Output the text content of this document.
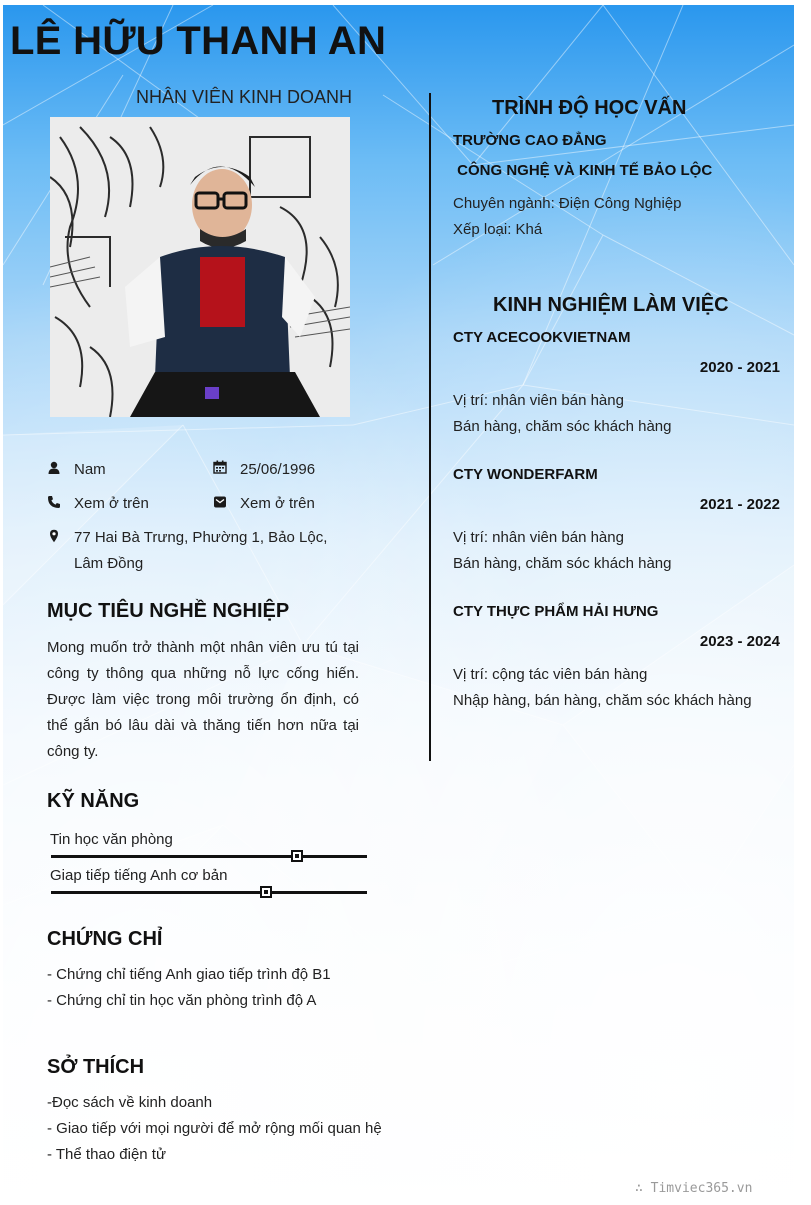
LÊ HỮU THANH AN
NHÂN VIÊN KINH DOANH
Nam	25/06/1996
Xem ở trên	Xem ở trên
77 Hai Bà Trưng, Phường 1, Bảo Lộc,
Lâm Đồng
MỤC TIÊU NGHỀ NGHIỆP
Mong muốn trở thành một nhân viên ưu tú tại công ty thông qua những nỗ lực cống hiến. Được làm việc trong môi trường ổn định, có thể gắn bó lâu dài và thăng tiến hơn nữa tại công ty.
KỸ NĂNG
Tin học văn phòng
Giap tiếp tiếng Anh cơ bản
CHỨNG CHỈ
- Chứng chỉ tiếng Anh giao tiếp trình độ B1
- Chứng chỉ tin học văn phòng trình độ A
SỞ THÍCH
-Đọc sách về kinh doanh
- Giao tiếp với mọi người để mở rộng mối quan hệ
- Thể thao điện tử
TRÌNH ĐỘ HỌC VẤN
TRƯỜNG CAO ĐẲNG
CÔNG NGHỆ VÀ KINH TẾ BẢO LỘC
Chuyên ngành: Điện Công Nghiệp
Xếp loại: Khá
KINH NGHIỆM LÀM VIỆC
CTY ACECOOKVIETNAM
2020 - 2021
Vị trí: nhân viên bán hàng
Bán hàng, chăm sóc khách hàng
CTY WONDERFARM
2021 - 2022
Vị trí: nhân viên bán hàng
Bán hàng, chăm sóc khách hàng
CTY THỰC PHẨM HẢI HƯNG
2023 - 2024
Vị trí: cộng tác viên bán hàng
Nhập hàng, bán hàng, chăm sóc khách hàng
∴ Timviec365.vn
